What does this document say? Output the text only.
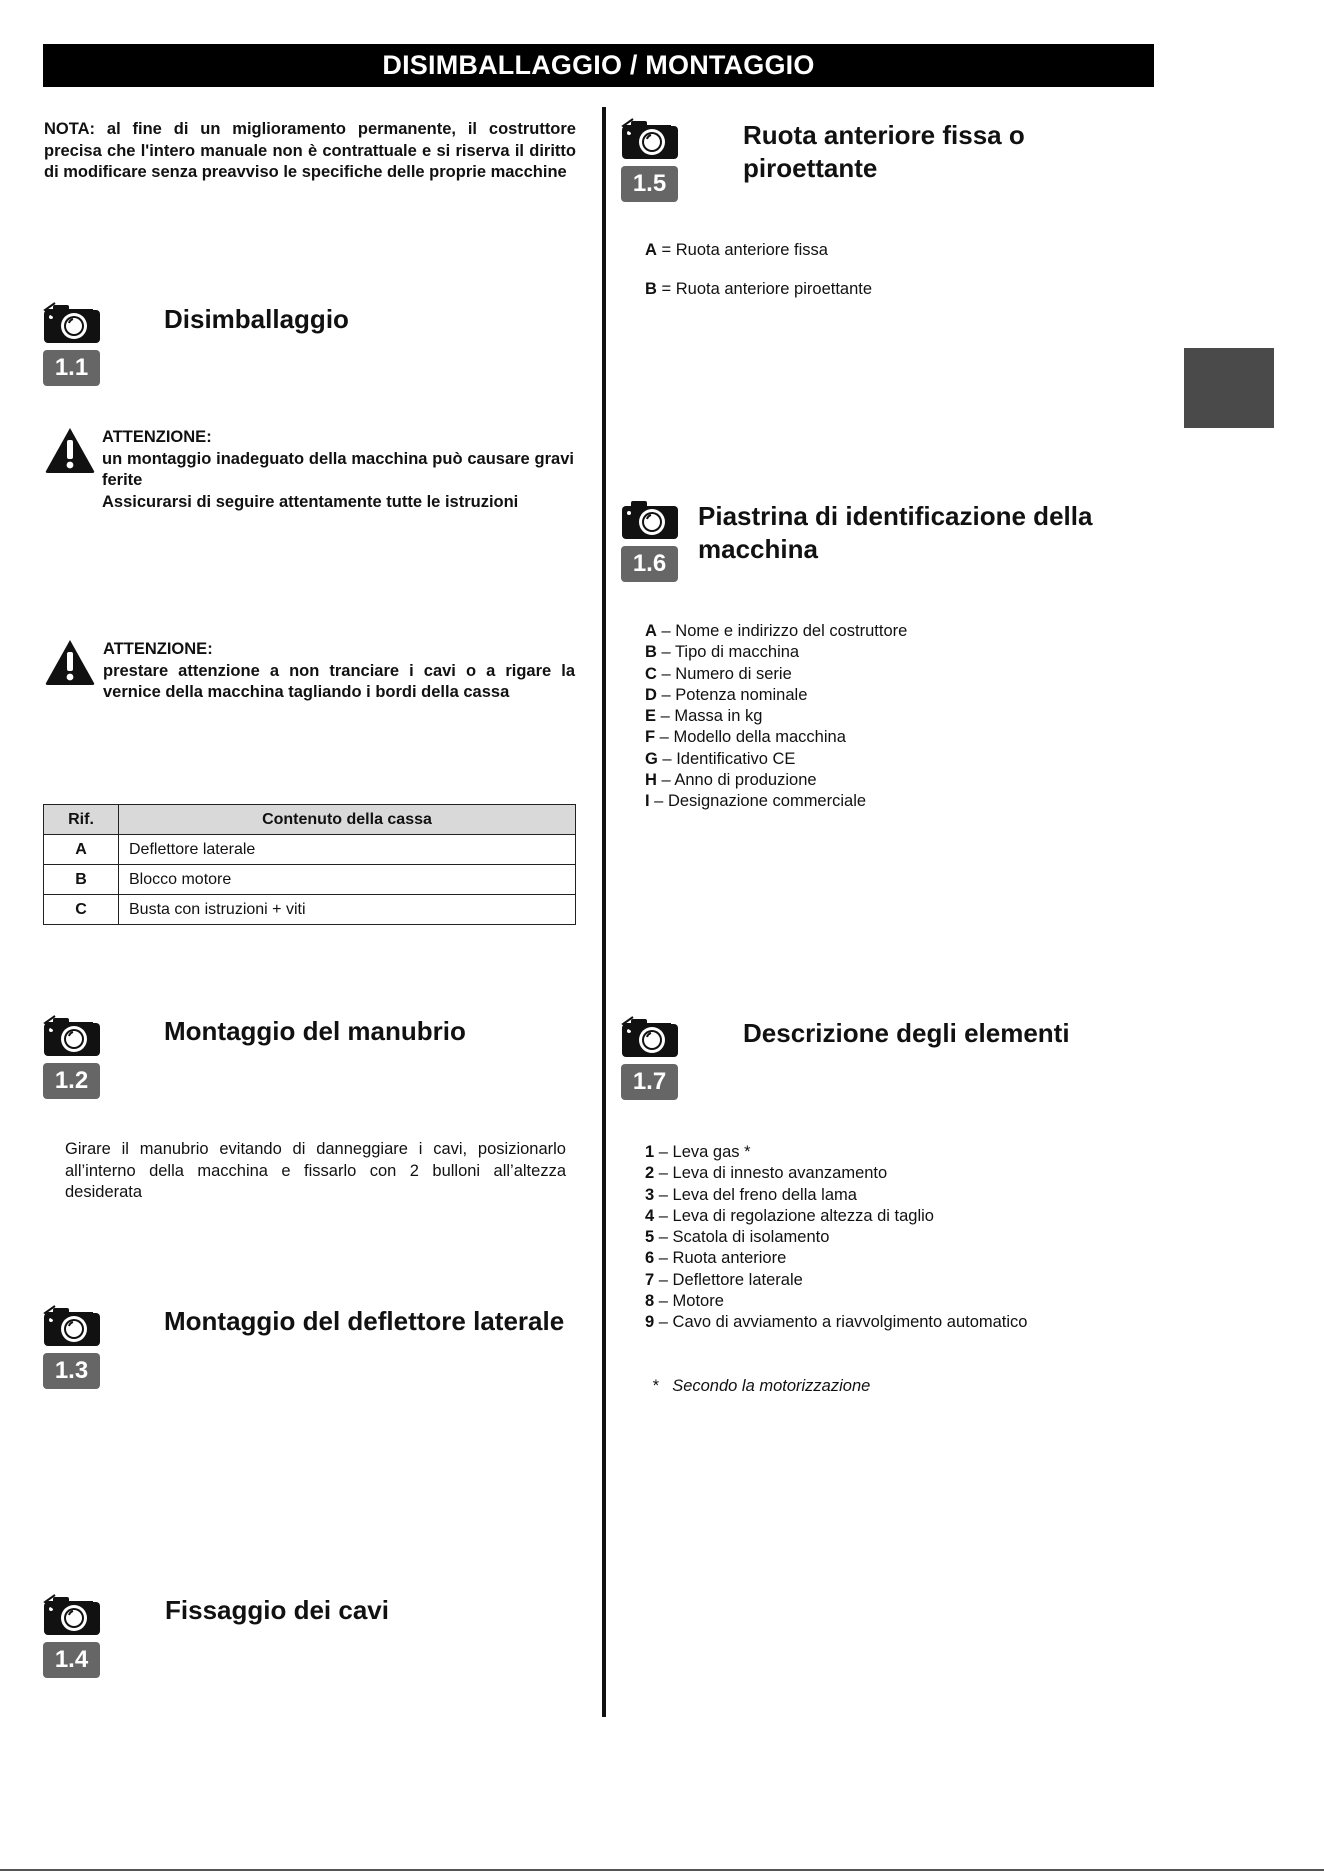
DISIMBALLAGGIO / MONTAGGIO
NOTA: al fine di un miglioramento permanente, il costruttore precisa che l'intero manuale non è contrattuale e si riserva il diritto di modificare senza preavviso le specifiche delle proprie macchine
1.1
Disimballaggio
ATTENZIONE:
un montaggio inadeguato della macchina può causare gravi ferite
Assicurarsi di seguire attentamente tutte le istruzioni
ATTENZIONE:
prestare attenzione a non tranciare i cavi o a rigare la vernice della macchina tagliando i bordi della cassa
Rif.	Contenuto della cassa
A	Deflettore laterale
B	Blocco motore
C	Busta con istruzioni + viti
1.2
Montaggio del manubrio
Girare il manubrio evitando di danneggiare i cavi, posizionarlo all’interno della macchina e fissarlo con 2 bulloni all’altezza desiderata
1.3
Montaggio del deflettore laterale
1.4
Fissaggio dei cavi
1.5
Ruota anteriore fissa o
piroettante
A = Ruota anteriore fissa
B = Ruota anteriore piroettante
1.6
Piastrina di identificazione della
macchina
A – Nome e indirizzo del costruttore
B – Tipo di macchina
C – Numero di serie
D – Potenza nominale
E – Massa in kg
F – Modello della macchina
G – Identificativo CE
H – Anno di produzione
I – Designazione commerciale
1.7
Descrizione degli elementi
1 – Leva gas *
2 – Leva di innesto avanzamento
3 – Leva del freno della lama
4 – Leva di regolazione altezza di taglio
5 – Scatola di isolamento
6 – Ruota anteriore
7 – Deflettore laterale
8 – Motore
9 – Cavo di avviamento a riavvolgimento automatico
* Secondo la motorizzazione
